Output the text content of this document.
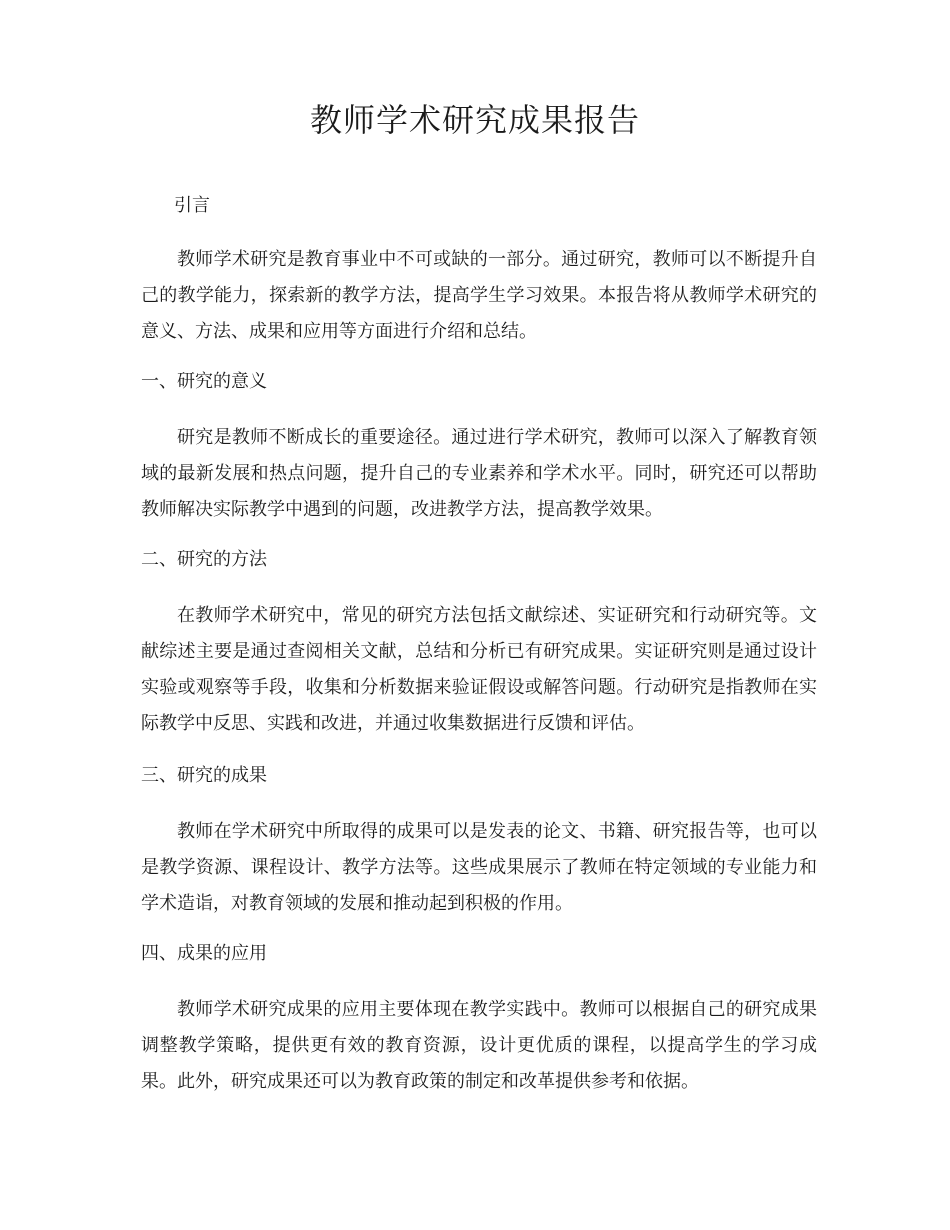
教师学术研究成果报告

引言

教师学术研究是教育事业中不可或缺的一部分。通过研究，教师可以不断提升自己的教学能力，探索新的教学方法，提高学生学习效果。本报告将从教师学术研究的意义、方法、成果和应用等方面进行介绍和总结。

一、研究的意义

研究是教师不断成长的重要途径。通过进行学术研究，教师可以深入了解教育领域的最新发展和热点问题，提升自己的专业素养和学术水平。同时，研究还可以帮助教师解决实际教学中遇到的问题，改进教学方法，提高教学效果。

二、研究的方法

在教师学术研究中，常见的研究方法包括文献综述、实证研究和行动研究等。文献综述主要是通过查阅相关文献，总结和分析已有研究成果。实证研究则是通过设计实验或观察等手段，收集和分析数据来验证假设或解答问题。行动研究是指教师在实际教学中反思、实践和改进，并通过收集数据进行反馈和评估。

三、研究的成果

教师在学术研究中所取得的成果可以是发表的论文、书籍、研究报告等，也可以是教学资源、课程设计、教学方法等。这些成果展示了教师在特定领域的专业能力和学术造诣，对教育领域的发展和推动起到积极的作用。

四、成果的应用

教师学术研究成果的应用主要体现在教学实践中。教师可以根据自己的研究成果调整教学策略，提供更有效的教育资源，设计更优质的课程，以提高学生的学习成果。此外，研究成果还可以为教育政策的制定和改革提供参考和依据。
